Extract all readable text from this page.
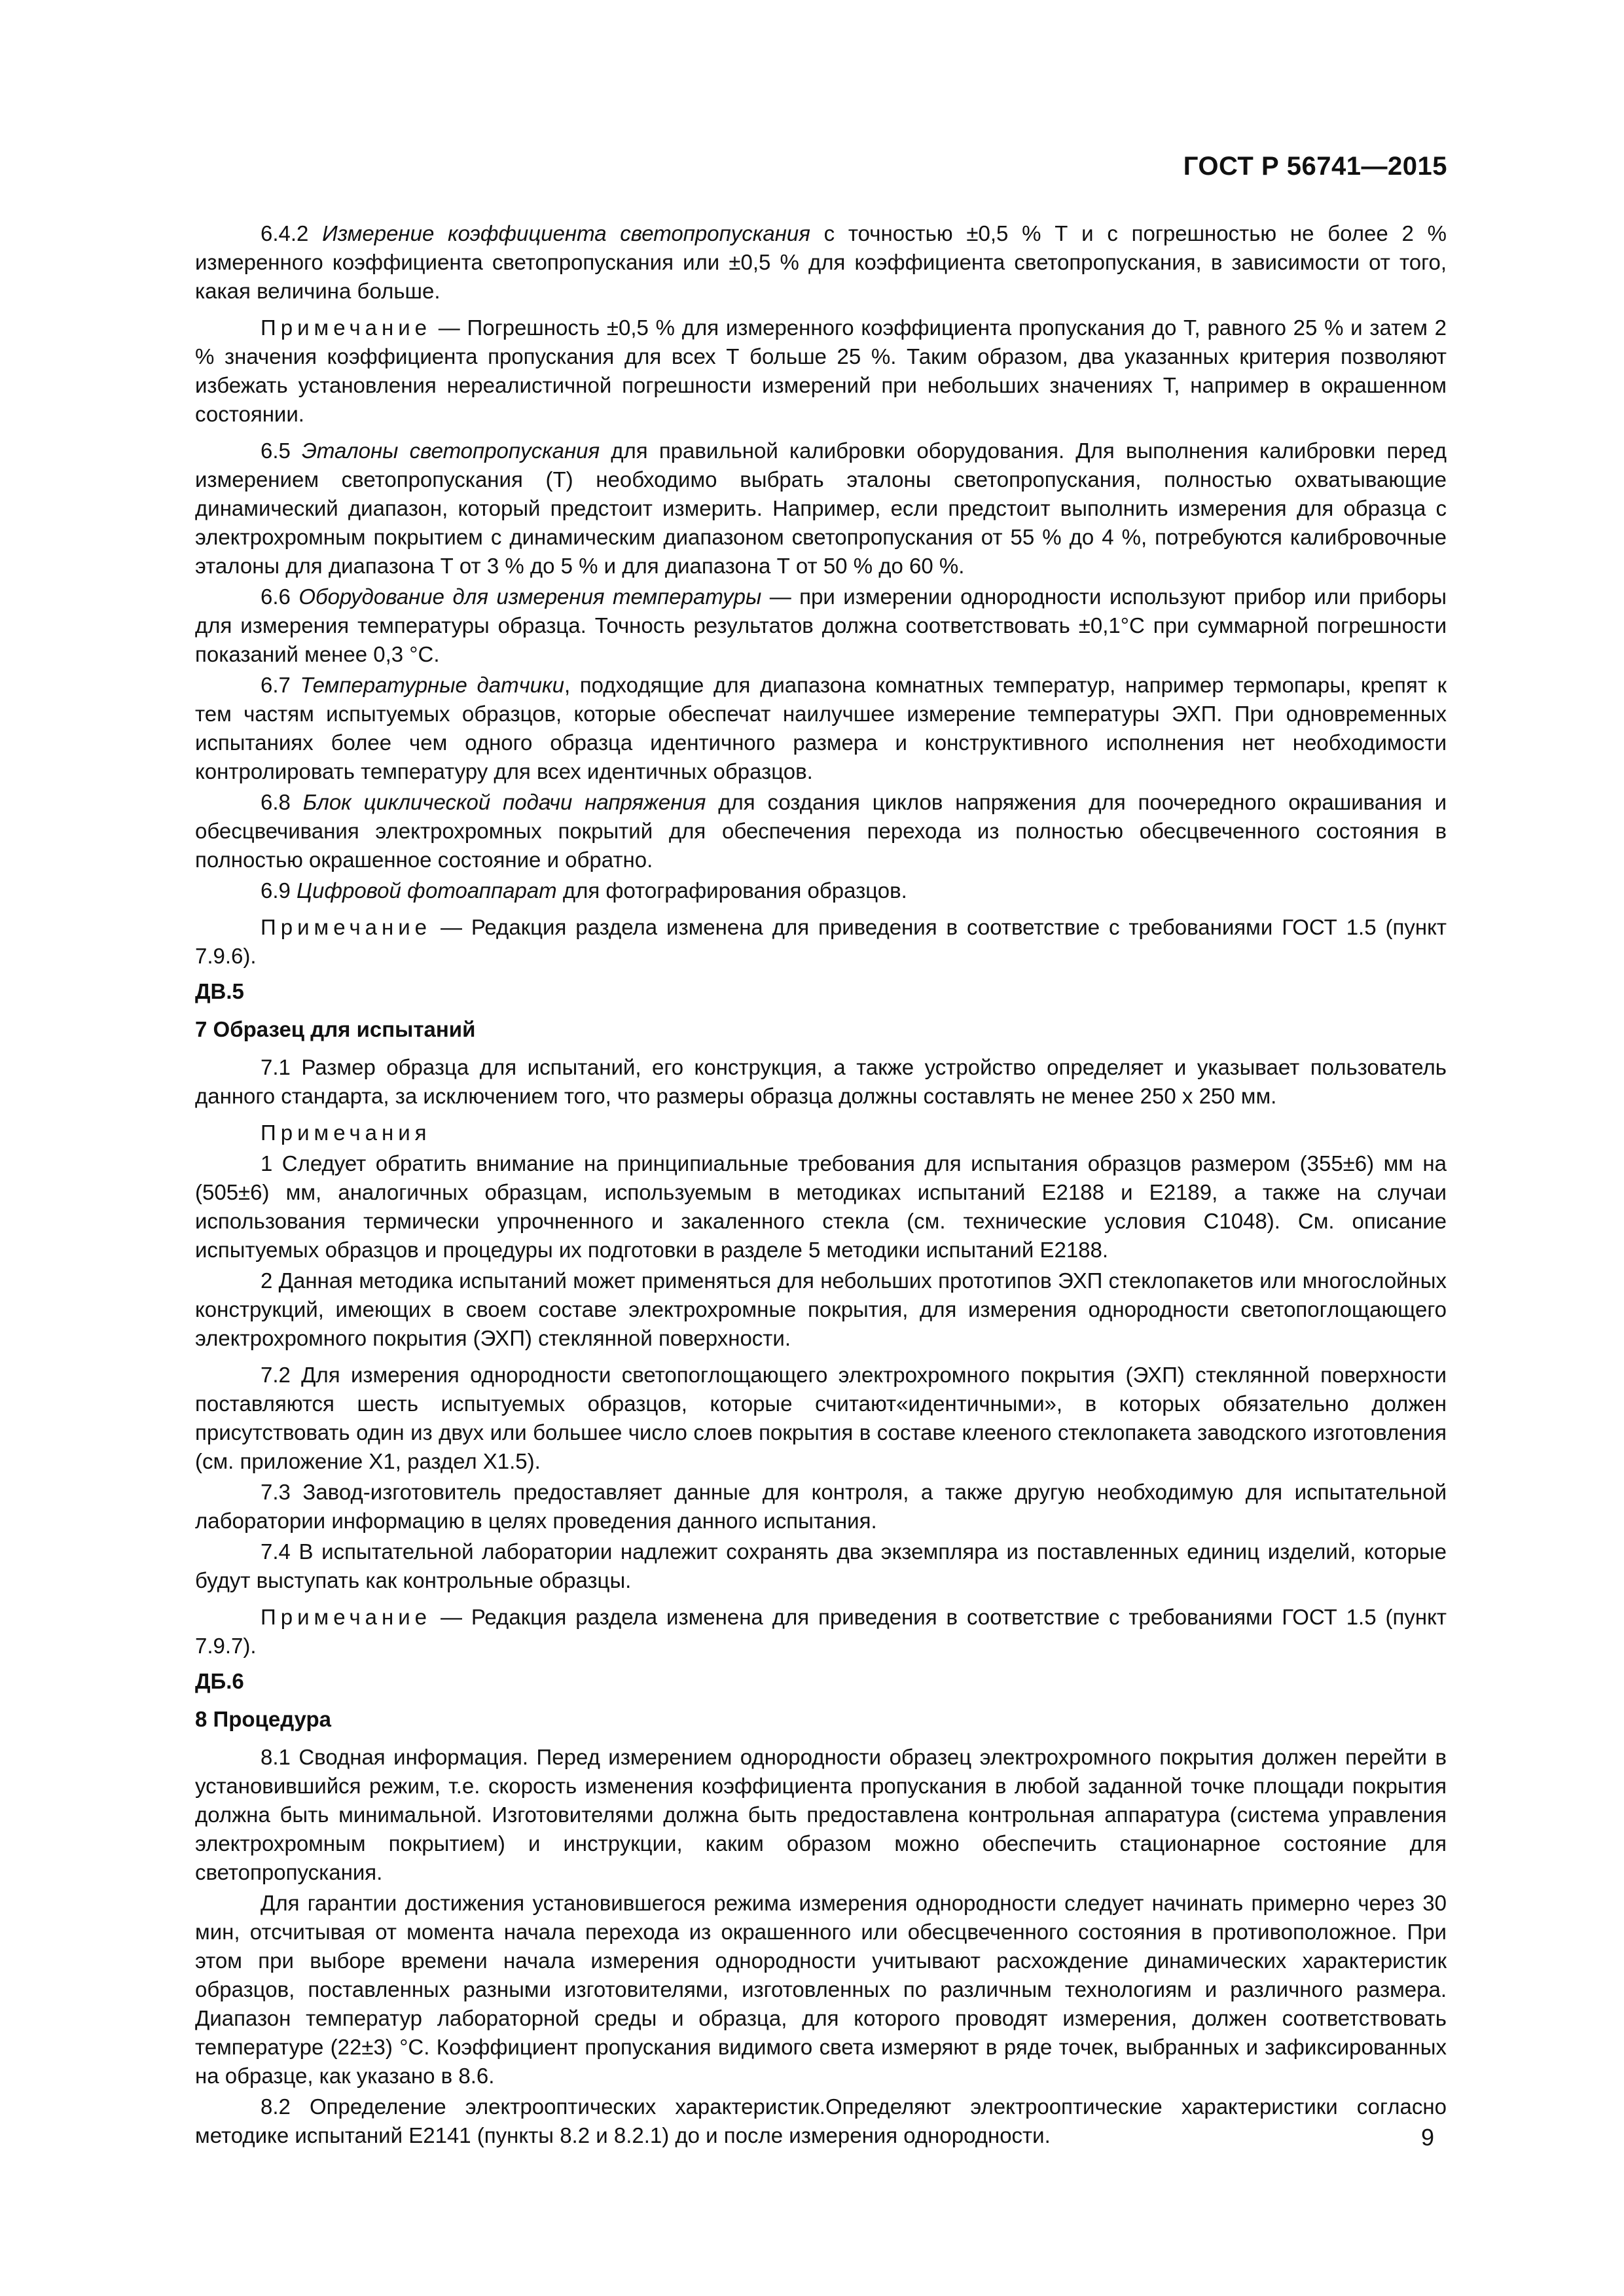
ГОСТ Р 56741—2015
6.4.2 Измерение коэффициента светопропускания с точностью ±0,5 % Т и с погрешностью не более 2 % измеренного коэффициента светопропускания или ±0,5 % для коэффициента светопропускания, в зависимости от того, какая величина больше.
Примечание — Погрешность ±0,5 % для измеренного коэффициента пропускания до Т, равного 25 % и затем 2 % значения коэффициента пропускания для всех Т больше 25 %. Таким образом, два указанных критерия позволяют избежать установления нереалистичной погрешности измерений при небольших значениях Т, например в окрашенном состоянии.
6.5 Эталоны светопропускания для правильной калибровки оборудования. Для выполнения калибровки перед измерением светопропускания (Т) необходимо выбрать эталоны светопропускания, полностью охватывающие динамический диапазон, который предстоит измерить. Например, если предстоит выполнить измерения для образца с электрохромным покрытием с динамическим диапазоном светопропускания от 55 % до 4 %, потребуются калибровочные эталоны для диапазона Т от 3 % до 5 % и для диапазона Т от 50 % до 60 %.
6.6 Оборудование для измерения температуры — при измерении однородности используют прибор или приборы для измерения температуры образца. Точность результатов должна соответствовать ±0,1°С при суммарной погрешности показаний менее 0,3 °С.
6.7 Температурные датчики, подходящие для диапазона комнатных температур, например термопары, крепят к тем частям испытуемых образцов, которые обеспечат наилучшее измерение температуры ЭХП. При одновременных испытаниях более чем одного образца идентичного размера и конструктивного исполнения нет необходимости контролировать температуру для всех идентичных образцов.
6.8 Блок циклической подачи напряжения для создания циклов напряжения для поочередного окрашивания и обесцвечивания электрохромных покрытий для обеспечения перехода из полностью обесцвеченного состояния в полностью окрашенное состояние и обратно.
6.9 Цифровой фотоаппарат для фотографирования образцов.
Примечание — Редакция раздела изменена для приведения в соответствие с требованиями ГОСТ 1.5 (пункт 7.9.6).
ДВ.5
7 Образец для испытаний
7.1 Размер образца для испытаний, его конструкция, а также устройство определяет и указывает пользователь данного стандарта, за исключением того, что размеры образца должны составлять не менее 250 х 250 мм.
Примечания
1 Следует обратить внимание на принципиальные требования для испытания образцов размером (355±6) мм на (505±6) мм, аналогичных образцам, используемым в методиках испытаний Е2188 и Е2189, а также на случаи использования термически упрочненного и закаленного стекла (см. технические условия С1048). См. описание испытуемых образцов и процедуры их подготовки в разделе 5 методики испытаний Е2188.
2 Данная методика испытаний может применяться для небольших прототипов ЭХП стеклопакетов или многослойных конструкций, имеющих в своем составе электрохромные покрытия, для измерения однородности светопоглощающего электрохромного покрытия (ЭХП) стеклянной поверхности.
7.2 Для измерения однородности светопоглощающего электрохромного покрытия (ЭХП) стеклянной поверхности поставляются шесть испытуемых образцов, которые считают«идентичными», в которых обязательно должен присутствовать один из двух или большее число слоев покрытия в составе клееного стеклопакета заводского изготовления (см. приложение Х1, раздел Х1.5).
7.3 Завод-изготовитель предоставляет данные для контроля, а также другую необходимую для испытательной лаборатории информацию в целях проведения данного испытания.
7.4 В испытательной лаборатории надлежит сохранять два экземпляра из поставленных единиц изделий, которые будут выступать как контрольные образцы.
Примечание — Редакция раздела изменена для приведения в соответствие с требованиями ГОСТ 1.5 (пункт 7.9.7).
ДБ.6
8 Процедура
8.1 Сводная информация. Перед измерением однородности образец электрохромного покрытия должен перейти в установившийся режим, т.е. скорость изменения коэффициента пропускания в любой заданной точке площади покрытия должна быть минимальной. Изготовителями должна быть предоставлена контрольная аппаратура (система управления электрохромным покрытием) и инструкции, каким образом можно обеспечить стационарное состояние для светопропускания.
Для гарантии достижения установившегося режима измерения однородности следует начинать примерно через 30 мин, отсчитывая от момента начала перехода из окрашенного или обесцвеченного состояния в противоположное. При этом при выборе времени начала измерения однородности учитывают расхождение динамических характеристик образцов, поставленных разными изготовителями, изготовленных по различным технологиям и различного размера. Диапазон температур лабораторной среды и образца, для которого проводят измерения, должен соответствовать температуре (22±3) °С. Коэффициент пропускания видимого света измеряют в ряде точек, выбранных и зафиксированных на образце, как указано в 8.6.
8.2 Определение электрооптических характеристик.Определяют электрооптические характеристики согласно методике испытаний Е2141 (пункты 8.2 и 8.2.1) до и после измерения однородности.	9
